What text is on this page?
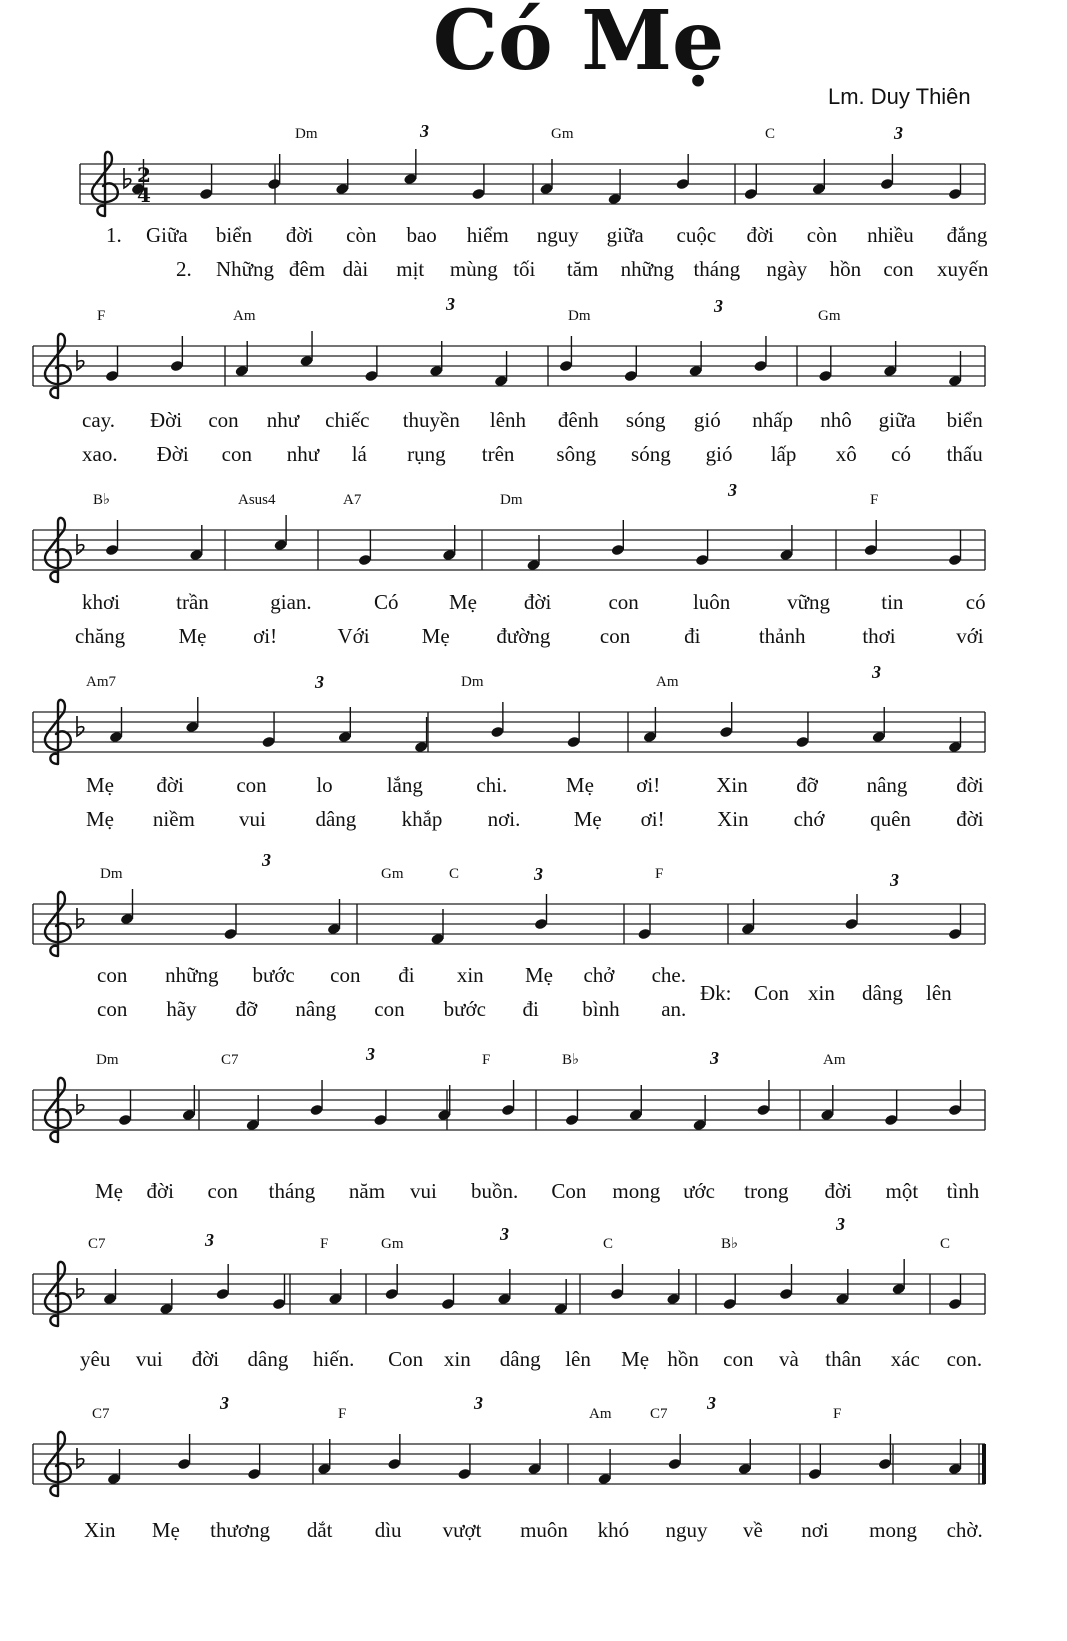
Có Mẹ
Lm. Duy Thiên
2
4
Dm	Gm	C
3	3
1. Giữa biển đời còn bao hiểm nguy giữa cuộc đời còn nhiều đắng
2. Những đêm dài mịt mùng tối tăm những tháng ngày hồn con xuyến
F	Am	Dm	Gm
3	3
cay. Đời con như chiếc thuyền lênh đênh sóng gió nhấp nhô giữa biển
xao. Đời con như lá rụng trên sông sóng gió lấp xô có thấu
B♭	Asus4	A7	Dm	F
3
khơi	trần	gian.	Có Mẹ đời	con	luôn	vững tin	có
chăng	Mẹ ơi!	Với Mẹ đường con	đi	thảnh	thơi	với
Am7	Dm	Am
3	3
Mẹ đời	con lo	lắng	chi.	Mẹ ơi!	Xin đỡ nâng đời
Mẹ niềm vui dâng khắp nơi.	Mẹ ơi!	Xin chớ quên đời
Dm	Gm	C	F
3
3	3
con những bước con đi xin Mẹ chở che.
con hãy đỡ nâng con bước đi bình an.
Đk: Con xin dâng lên
Dm	C7	F	B♭	Am
3	3
Mẹ đời con tháng năm vui buồn. Con mong ước trong đời một tình
C7	F	Gm	C	B♭	C
3	3	3
yêu vui đời dâng hiến. Con xin dâng lên Mẹ hồn con và thân xác con.
C7	F	Am	C7	F
3	3	3
Xin Mẹ thương dắt dìu vượt muôn khó nguy về nơi mong chờ.
